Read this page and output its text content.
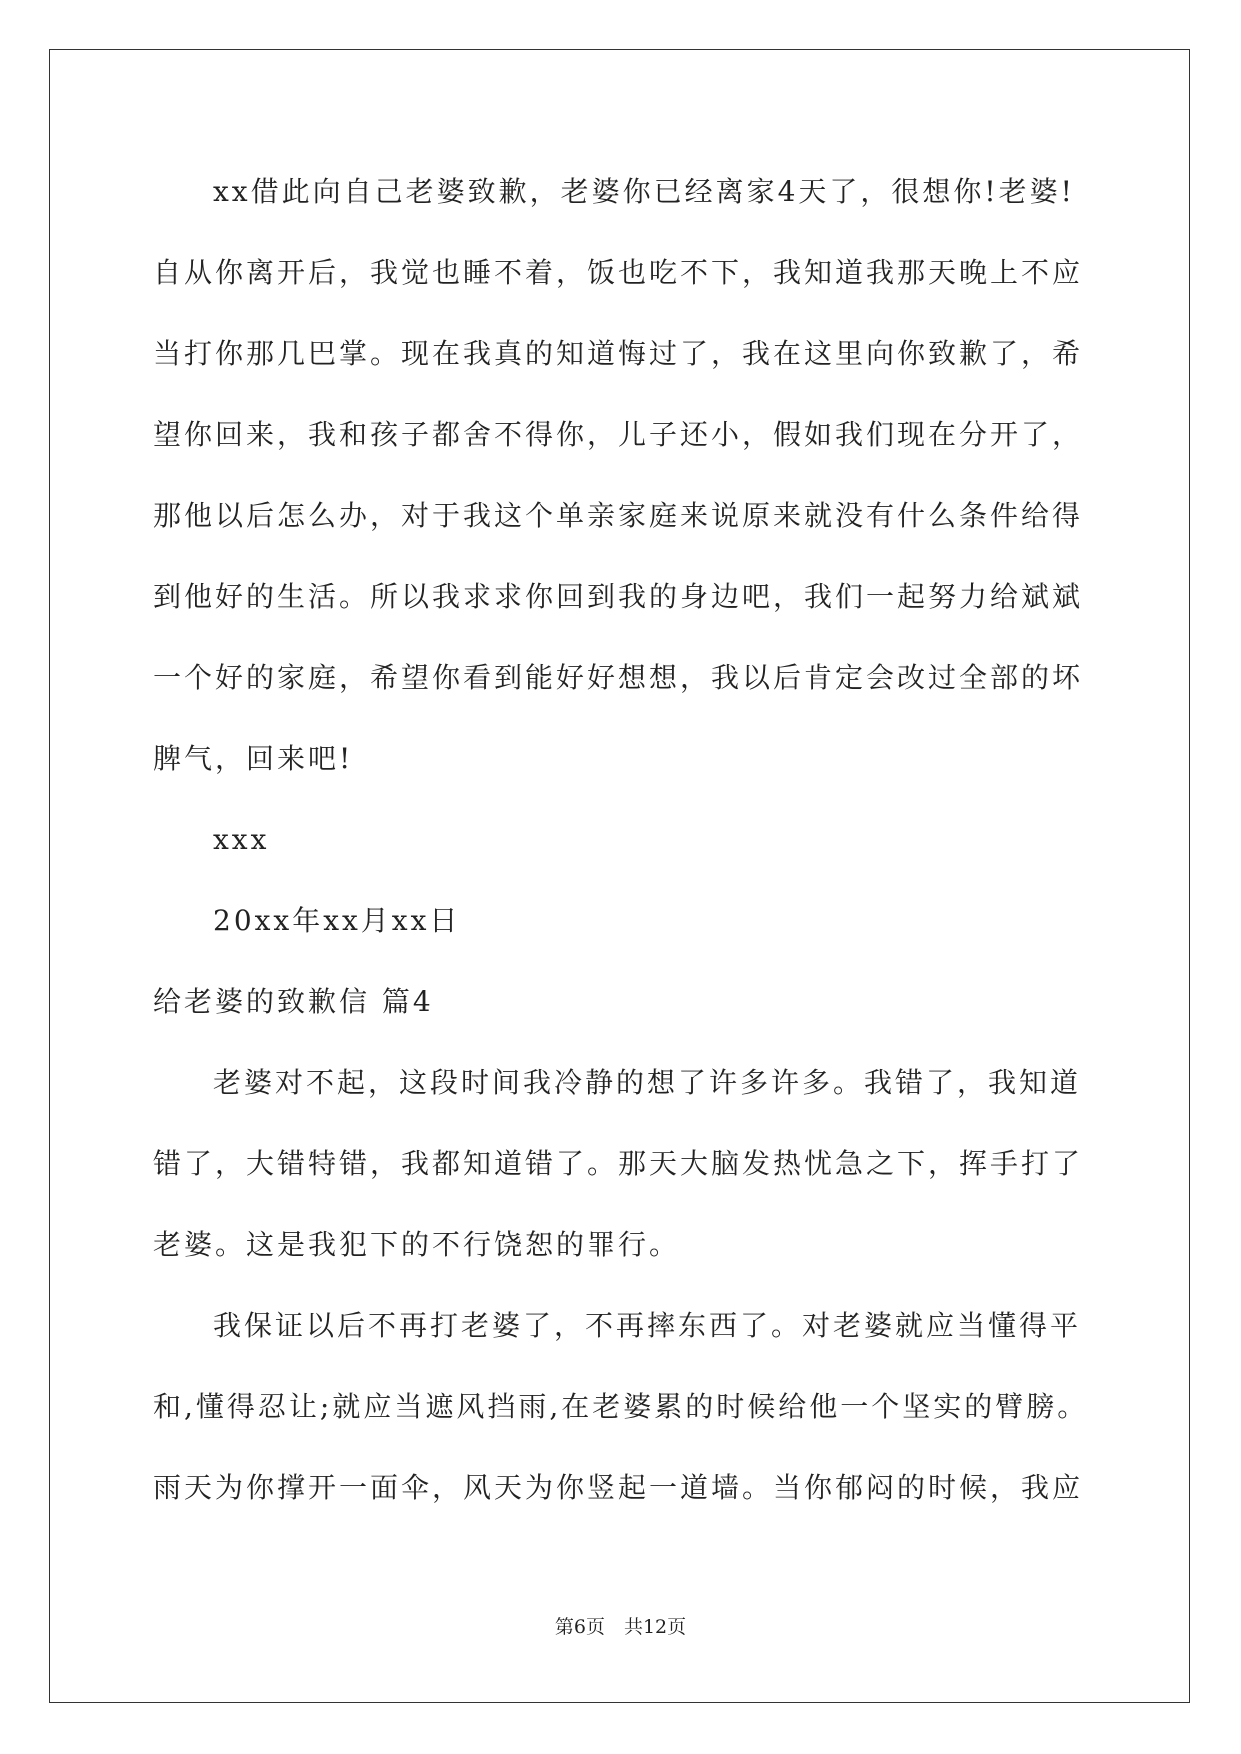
xx借此向自己老婆致歉，老婆你已经离家4天了，很想你!老婆!
自从你离开后，我觉也睡不着，饭也吃不下，我知道我那天晚上不应
当打你那几巴掌。现在我真的知道悔过了，我在这里向你致歉了，希
望你回来，我和孩子都舍不得你，儿子还小，假如我们现在分开了，
那他以后怎么办，对于我这个单亲家庭来说原来就没有什么条件给得
到他好的生活。所以我求求你回到我的身边吧，我们一起努力给斌斌
一个好的家庭，希望你看到能好好想想，我以后肯定会改过全部的坏
脾气，回来吧!
xxx
20xx年xx月xx日
给老婆的致歉信 篇4
老婆对不起，这段时间我冷静的想了许多许多。我错了，我知道
错了，大错特错，我都知道错了。那天大脑发热忧急之下，挥手打了
老婆。这是我犯下的不行饶恕的罪行。
我保证以后不再打老婆了，不再摔东西了。对老婆就应当懂得平
和,懂得忍让;就应当遮风挡雨,在老婆累的时候给他一个坚实的臂膀。
雨天为你撑开一面伞，风天为你竖起一道墙。当你郁闷的时候，我应
第6页　共12页
